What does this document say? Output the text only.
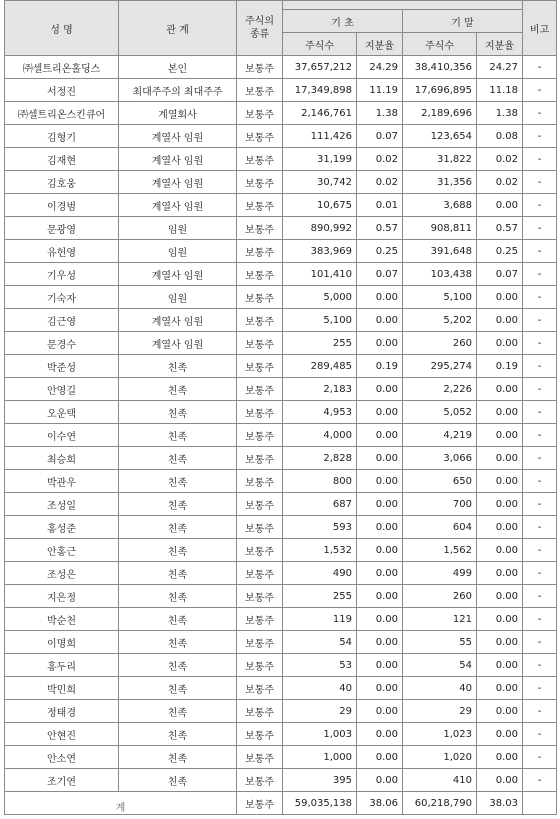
성 명	관 계	주식의
종류					비고
			기 초		기 말		
			주식수	지분율	주식수	지분율	
㈜셀트리온홀딩스	본인	보통주	37,657,212	24.29	38,410,356	24.27	-
서정진	최대주주의 최대주주	보통주	17,349,898	11.19	17,696,895	11.18	-
㈜셀트리온스킨큐어	계열회사	보통주	2,146,761	1.38	2,189,696	1.38	-
김형기	계열사 임원	보통주	111,426	0.07	123,654	0.08	-
김재현	계열사 임원	보통주	31,199	0.02	31,822	0.02	-
김호웅	계열사 임원	보통주	30,742	0.02	31,356	0.02	-
이경범	계열사 임원	보통주	10,675	0.01	3,688	0.00	-
문광영	임원	보통주	890,992	0.57	908,811	0.57	-
유헌영	임원	보통주	383,969	0.25	391,648	0.25	-
기우성	계열사 임원	보통주	101,410	0.07	103,438	0.07	-
기숙자	임원	보통주	5,000	0.00	5,100	0.00	-
김근영	계열사 임원	보통주	5,100	0.00	5,202	0.00	-
문경수	계열사 임원	보통주	255	0.00	260	0.00	-
박준성	친족	보통주	289,485	0.19	295,274	0.19	-
안영길	친족	보통주	2,183	0.00	2,226	0.00	-
오운택	친족	보통주	4,953	0.00	5,052	0.00	-
이수연	친족	보통주	4,000	0.00	4,219	0.00	-
최승희	친족	보통주	2,828	0.00	3,066	0.00	-
박관우	친족	보통주	800	0.00	650	0.00	-
조성일	친족	보통주	687	0.00	700	0.00	-
홍성준	친족	보통주	593	0.00	604	0.00	-
안홍근	친족	보통주	1,532	0.00	1,562	0.00	-
조성은	친족	보통주	490	0.00	499	0.00	-
지은정	친족	보통주	255	0.00	260	0.00	-
박순천	친족	보통주	119	0.00	121	0.00	-
이명희	친족	보통주	54	0.00	55	0.00	-
홍두리	친족	보통주	53	0.00	54	0.00	-
박민희	친족	보통주	40	0.00	40	0.00	-
정태경	친족	보통주	29	0.00	29	0.00	-
안현진	친족	보통주	1,003	0.00	1,023	0.00	-
안소연	친족	보통주	1,000	0.00	1,020	0.00	-
조기연	친족	보통주	395	0.00	410	0.00	-
계		보통주	59,035,138	38.06	60,218,790	38.03	
